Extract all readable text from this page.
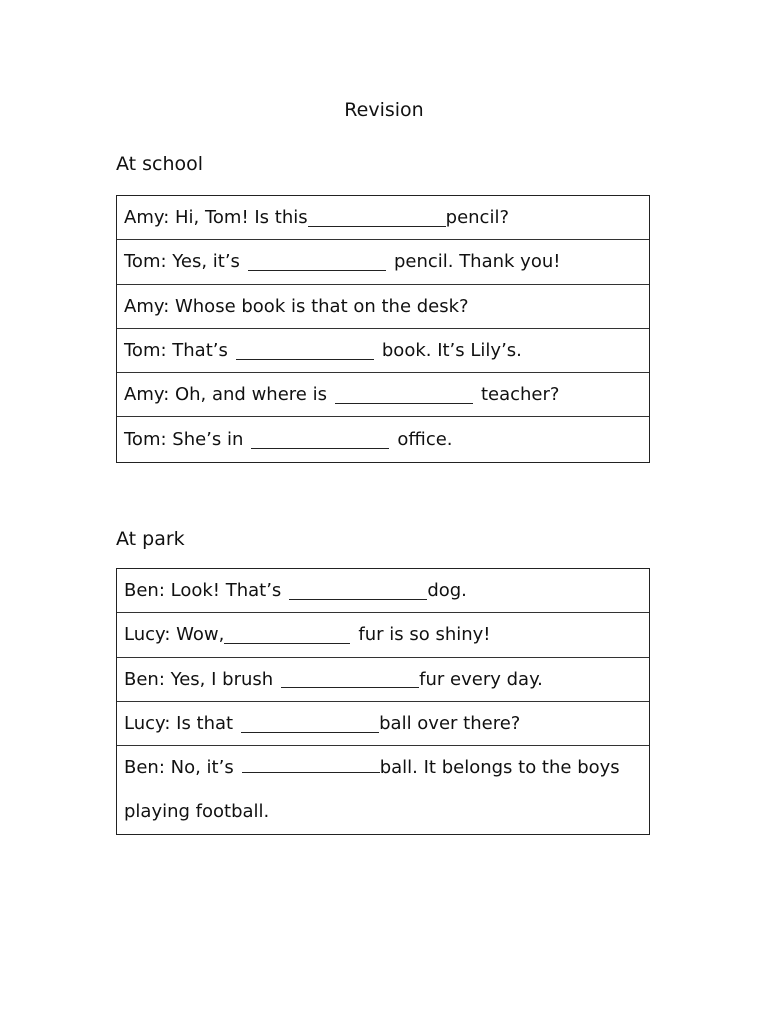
Revision
At school
Amy: Hi, Tom! Is this	pencil?
Tom: Yes, it’s	pencil. Thank you!
Amy: Whose book is that on the desk?
Tom: That’s	book. It’s Lily’s.
Amy: Oh, and where is	teacher?
Tom: She’s in	office.
At park
Ben: Look! That’s	dog.
Lucy: Wow,	fur is so shiny!
Ben: Yes, I brush	fur every day.
Lucy: Is that	ball over there?
Ben: No, it’s	ball. It belongs to the boys playing football.
